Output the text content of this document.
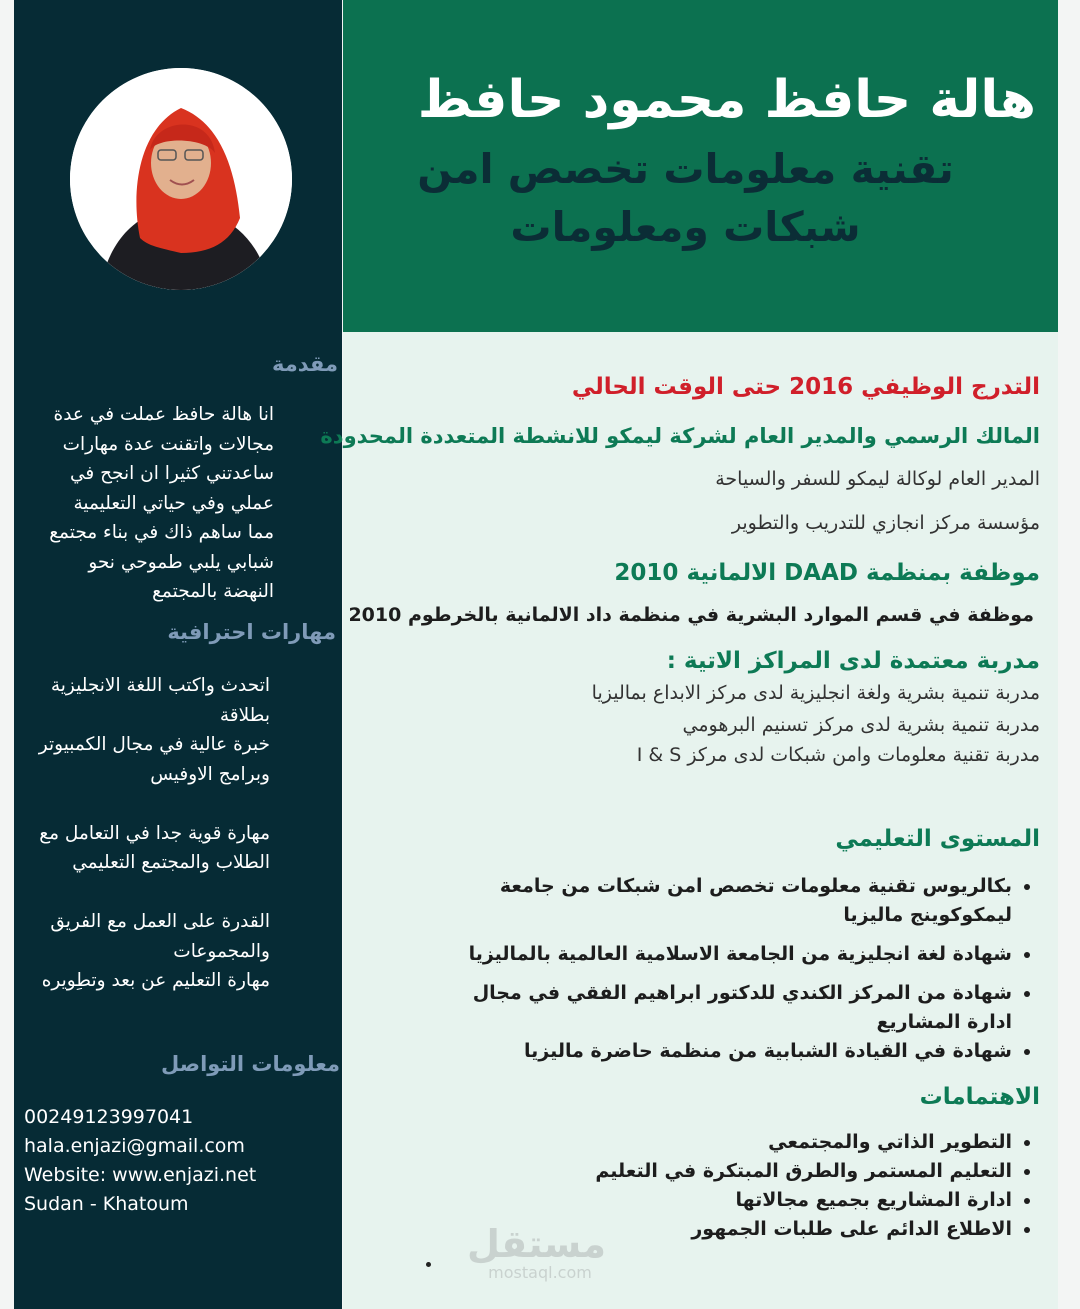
مقدمة

انا هالة حافظ عملت في عدة

مجالات واتقنت عدة مهارات

ساعدتني كثيرا ان انجح في

عملي وفي حياتي التعليمية

مما ساهم ذاك في بناء مجتمع

شبابي يلبي طموحي نحو

النهضة بالمجتمع

مهارات احترافية

اتحدث واكتب اللغة الانجليزية

بطلاقة

خبرة عالية في مجال الكمبيوتر

وبرامج الاوفيس

مهارة قوية جدا في التعامل مع

الطلاب والمجتمع التعليمي

القدرة على العمل مع الفريق

والمجموعات

مهارة التعليم عن بعد وتطِويره

معلومات التواصل
00249123997041
hala.enjazi@gmail.com
Website: www.enjazi.net
Sudan - Khatoum
هالة حافظ محمود حافظ
تقنية معلومات تخصص امن شبكات ومعلومات
التدرج الوظيفي 2016 حتى الوقت الحالي
المالك الرسمي والمدير العام لشركة ليمكو للانشطة المتعددة المحدودة
المدير العام لوكالة ليمكو للسفر والسياحة
مؤسسة مركز انجازي للتدريب والتطوير
موظفة بمنظمة DAAD الالمانية 2010
موظفة في قسم الموارد البشرية في منظمة داد الالمانية بالخرطوم 2010
مدربة معتمدة لدى المراكز الاتية :
مدربة تنمية بشرية ولغة انجليزية لدى مركز الابداع بماليزيا
مدربة تنمية بشرية لدى مركز تسنيم البرهومي
مدربة تقنية معلومات وامن شبكات لدى مركز I & S
المستوى التعليمي
• بكالريوس تقنية معلومات تخصص امن شبكات من جامعة ليمكوكوينج ماليزيا
• شهادة لغة انجليزية من الجامعة الاسلامية العالمية بالماليزيا
• شهادة من المركز الكندي للدكتور ابراهيم الفقي في مجال ادارة المشاريع
• شهادة في القيادة الشبابية من منظمة حاضرة ماليزيا
الاهتمامات
• التطوير الذاتي والمجتمعي
• التعليم المستمر والطرق المبتكرة في التعليم
• ادارة المشاريع بجميع مجالاتها
• الاطلاع الدائم على طلبات الجمهور
مستقل
mostaql.com
